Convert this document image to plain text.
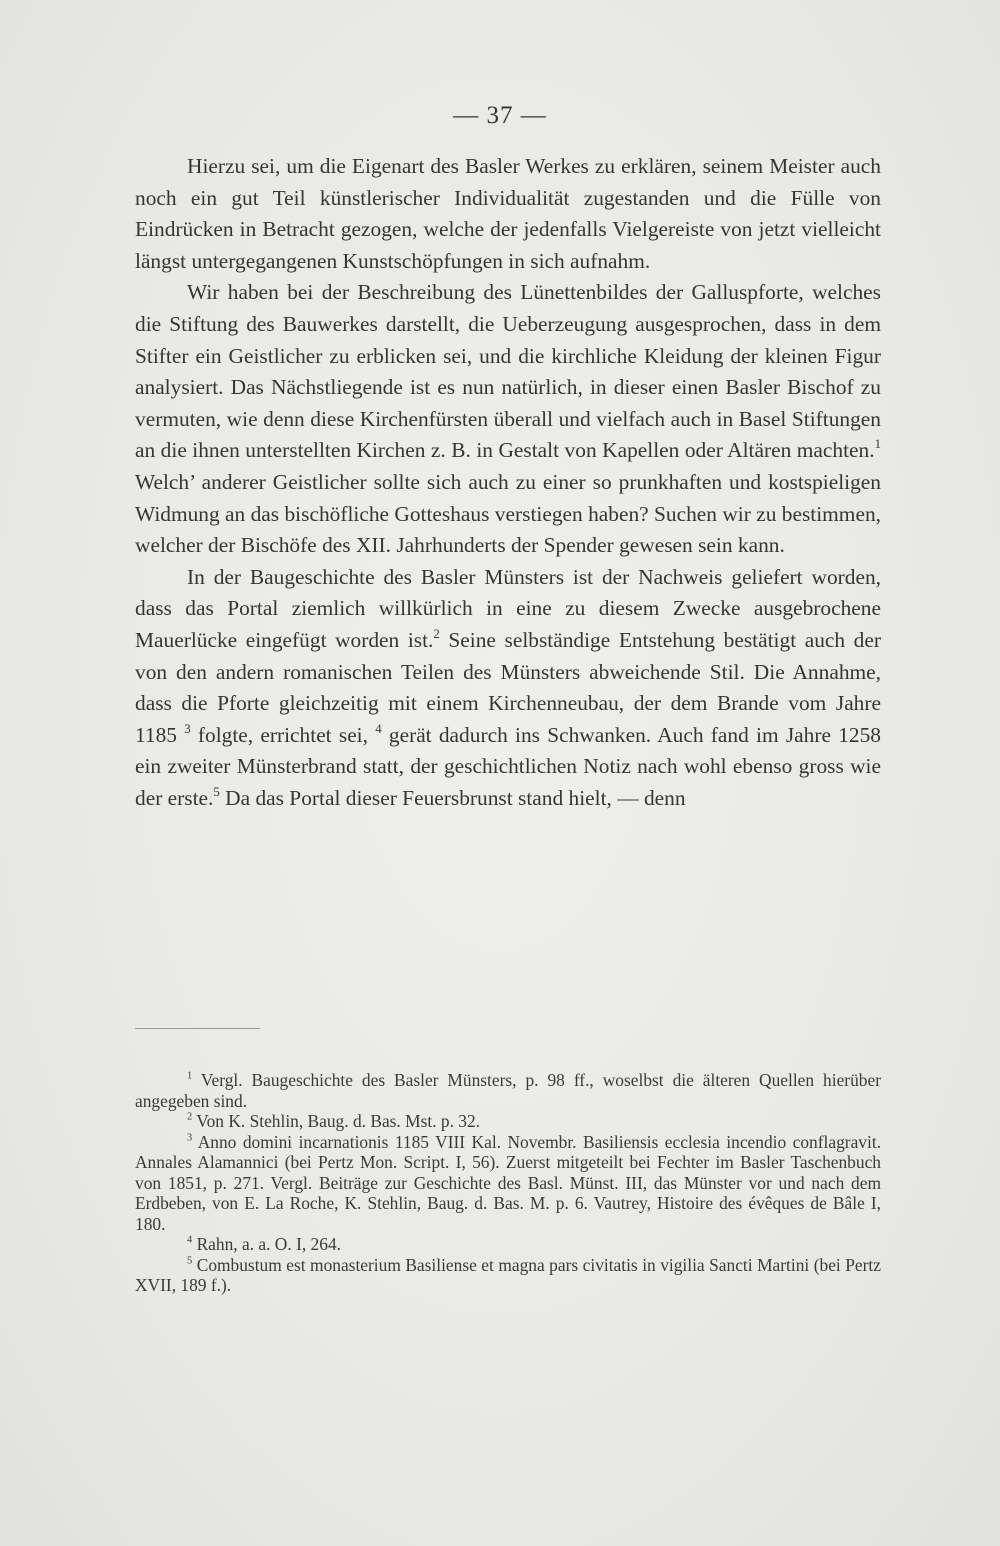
— 37 —

Hierzu sei, um die Eigenart des Basler Werkes zu erklären, seinem Meister auch noch ein gut Teil künstlerischer Individualität zugestanden und die Fülle von Eindrücken in Betracht gezogen, welche der jedenfalls Vielgereiste von jetzt vielleicht längst untergegangenen Kunstschöpfungen in sich aufnahm.

Wir haben bei der Beschreibung des Lünettenbildes der Galluspforte, welches die Stiftung des Bauwerkes darstellt, die Ueberzeugung ausgesprochen, dass in dem Stifter ein Geistlicher zu erblicken sei, und die kirchliche Kleidung der kleinen Figur analysiert. Das Nächstliegende ist es nun natürlich, in dieser einen Basler Bischof zu vermuten, wie denn diese Kirchenfürsten überall und vielfach auch in Basel Stiftungen an die ihnen unterstellten Kirchen z. B. in Gestalt von Kapellen oder Altären machten.$^1$ Welch’ anderer Geistlicher sollte sich auch zu einer so prunkhaften und kostspieligen Widmung an das bischöfliche Gotteshaus verstiegen haben? Suchen wir zu bestimmen, welcher der Bischöfe des XII. Jahrhunderts der Spender gewesen sein kann.

In der Baugeschichte des Basler Münsters ist der Nachweis geliefert worden, dass das Portal ziemlich willkürlich in eine zu diesem Zwecke ausgebrochene Mauerlücke eingefügt worden ist.$^2$ Seine selbständige Entstehung bestätigt auch der von den andern romanischen Teilen des Münsters abweichende Stil. Die Annahme, dass die Pforte gleichzeitig mit einem Kirchenneubau, der dem Brande vom Jahre 1185 $^3$ folgte, errichtet sei, $^4$ gerät dadurch ins Schwanken. Auch fand im Jahre 1258 ein zweiter Münsterbrand statt, der geschichtlichen Notiz nach wohl ebenso gross wie der erste.$^5$ Da das Portal dieser Feuersbrunst stand hielt, — denn

$^1$ Vergl. Baugeschichte des Basler Münsters, p. 98 ff., woselbst die älteren Quellen hierüber angegeben sind.

$^2$ Von K. Stehlin, Baug. d. Bas. Mst. p. 32.

$^3$ Anno domini incarnationis 1185 VIII Kal. Novembr. Basiliensis ecclesia incendio conflagravit. Annales Alamannici (bei Pertz Mon. Script. I, 56). Zuerst mitgeteilt bei Fechter im Basler Taschenbuch von 1851, p. 271. Vergl. Beiträge zur Geschichte des Basl. Münst. III, das Münster vor und nach dem Erdbeben, von E. La Roche, K. Stehlin, Baug. d. Bas. M. p. 6. Vautrey, Histoire des évêques de Bâle I, 180.

$^4$ Rahn, a. a. O. I, 264.

$^5$ Combustum est monasterium Basiliense et magna pars civitatis in vigilia Sancti Martini (bei Pertz XVII, 189 f.).
